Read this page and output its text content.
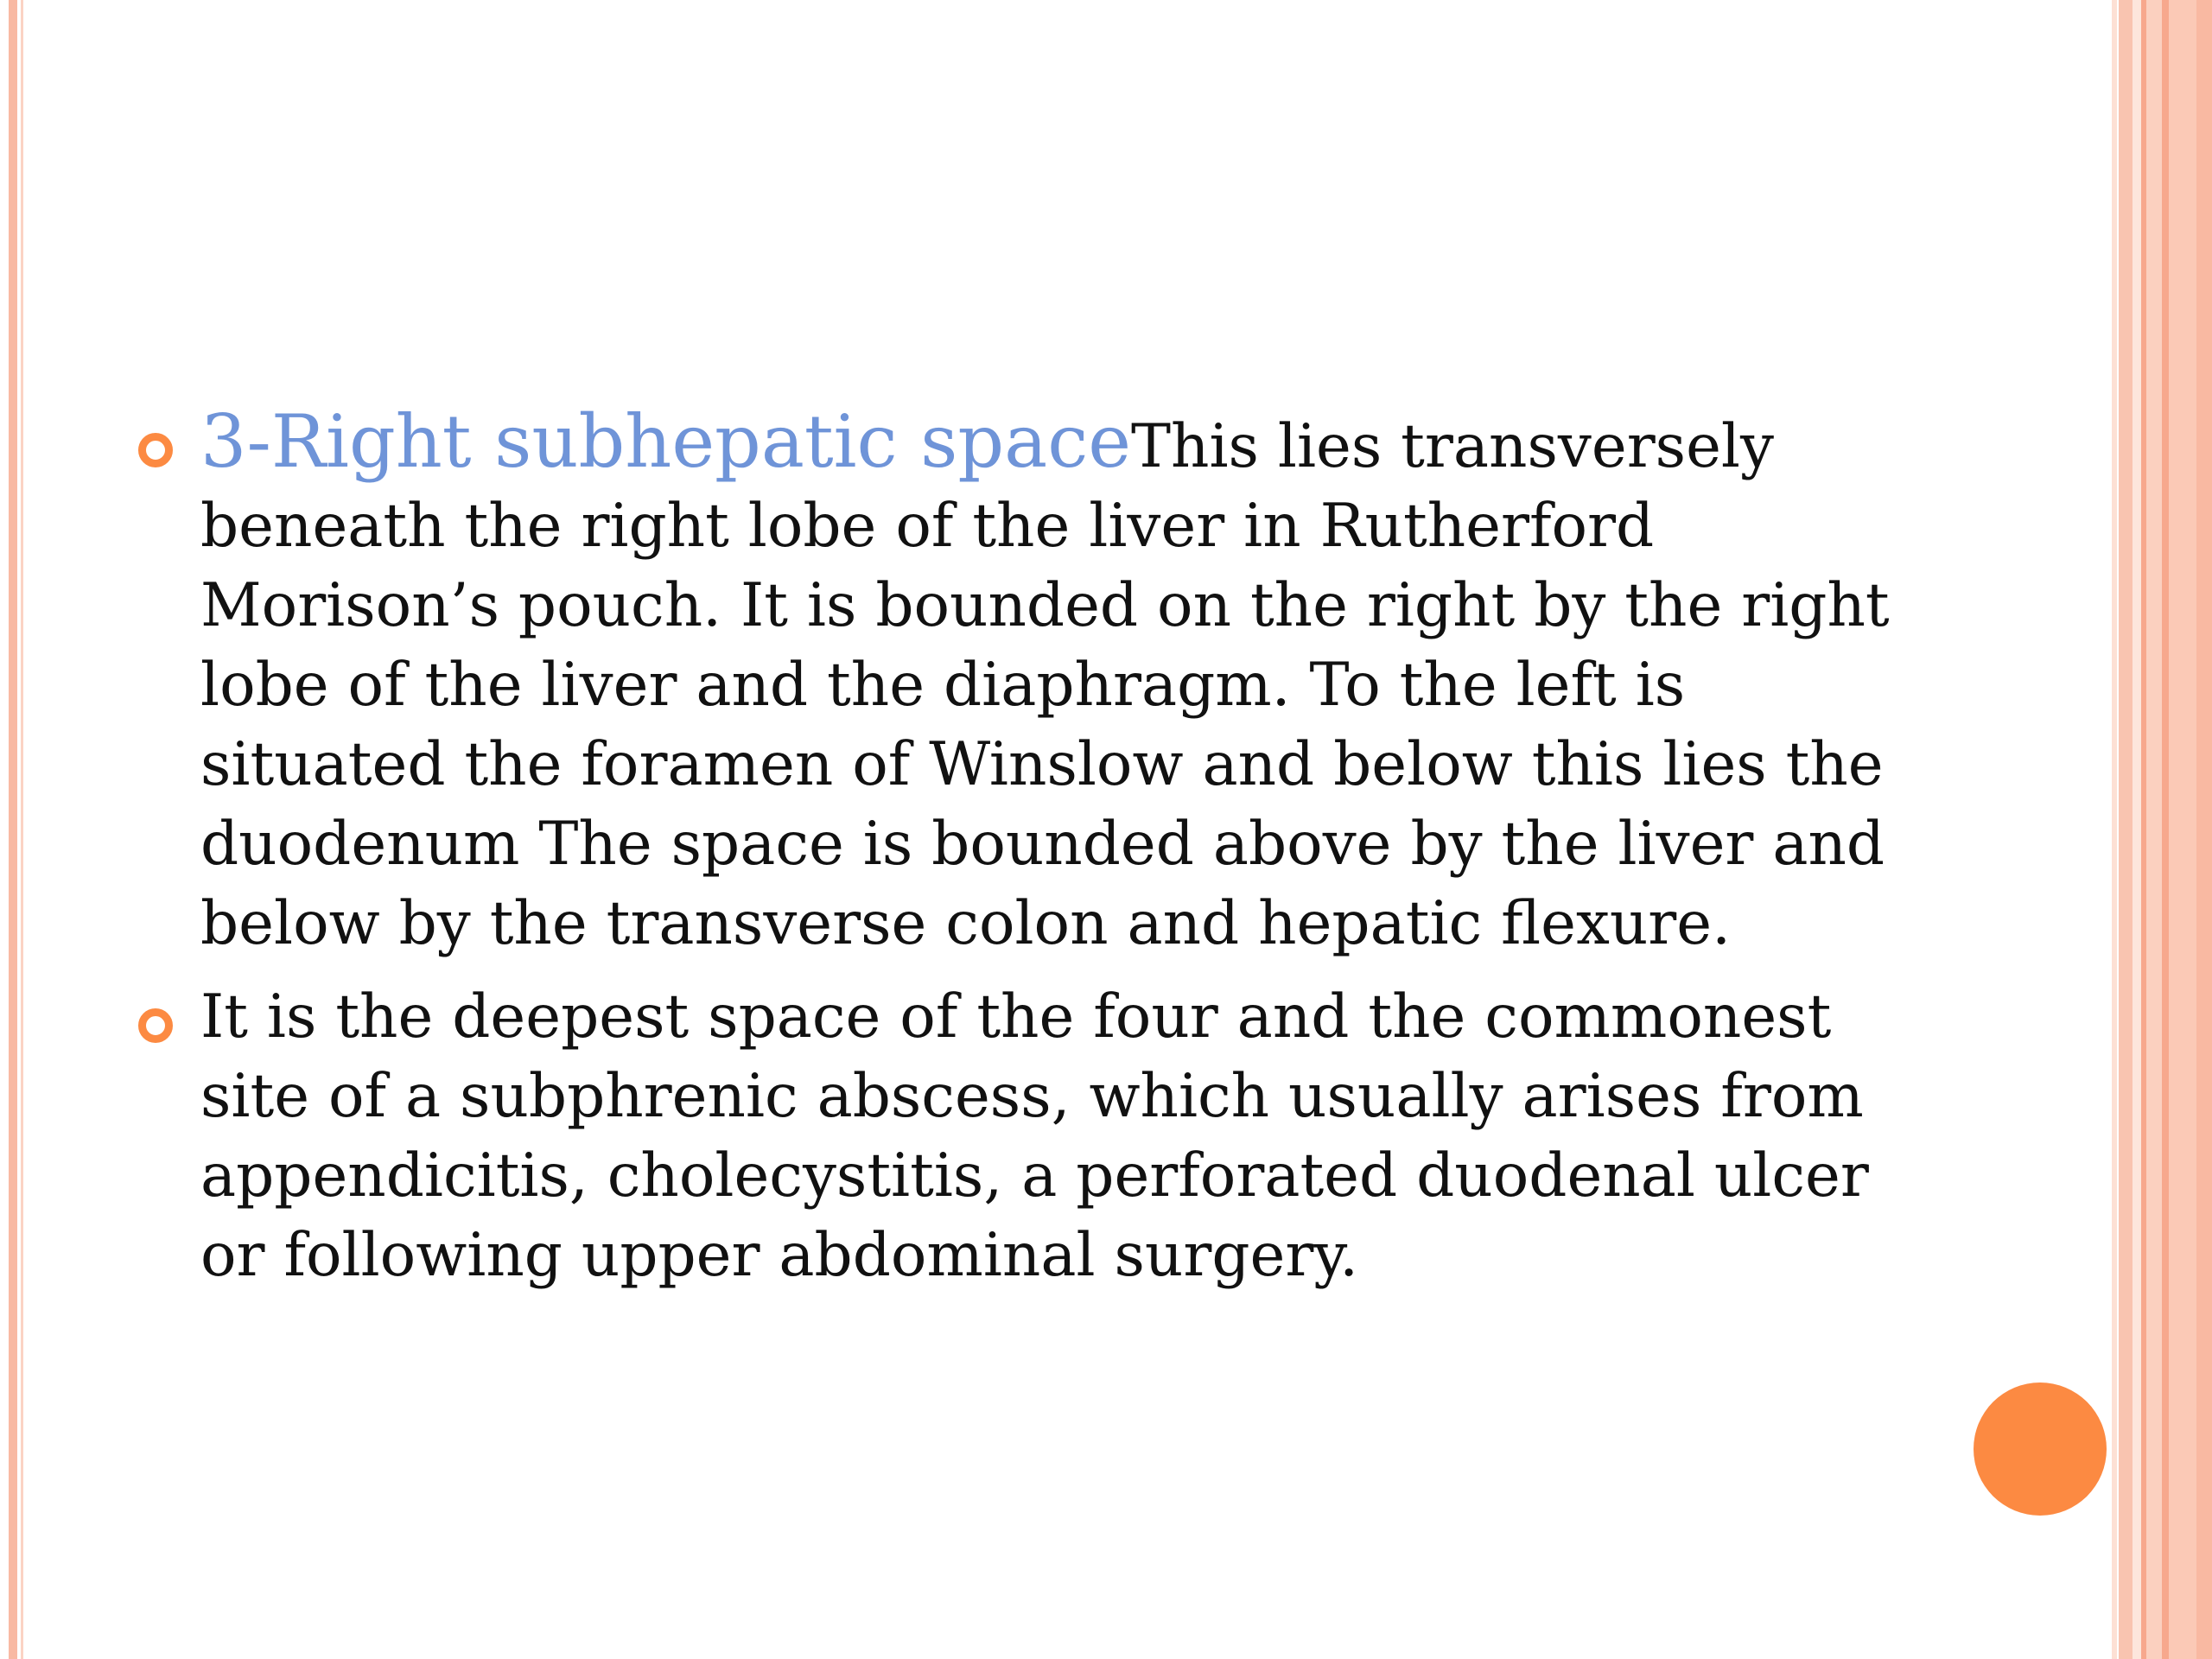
3-Right subhepatic spaceThis lies transversely beneath the right lobe of the liver in Rutherford Morison’s pouch. It is bounded on the right by the right lobe of the liver and the diaphragm. To the left is situated the foramen of Winslow and below this lies the duodenum The space is bounded above by the liver and below by the transverse colon and hepatic flexure.
It is the deepest space of the four and the commonest site of a subphrenic abscess, which usually arises from appendicitis, cholecystitis, a perforated duodenal ulcer or following upper abdominal surgery.
